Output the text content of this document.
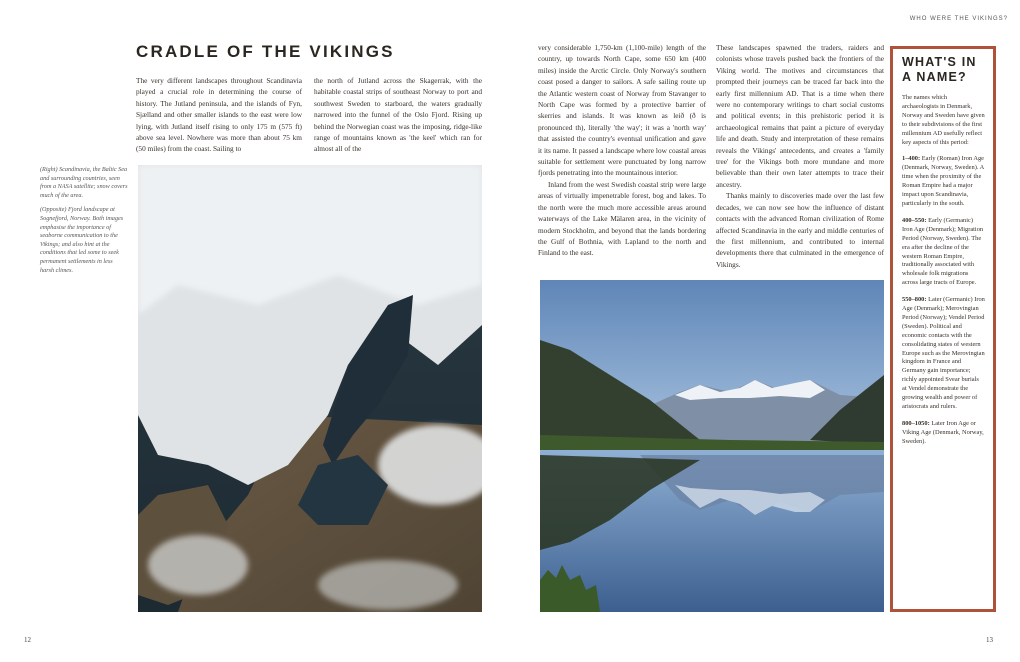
WHO WERE THE VIKINGS?
CRADLE OF THE VIKINGS

The very different landscapes throughout Scandinavia played a crucial role in determining the course of history. The Jutland peninsula, and the islands of Fyn, Sjælland and other smaller islands to the east were low lying, with Jutland itself rising to only 175 m (575 ft) above sea level. Nowhere was more than about 75 km (50 miles) from the coast. Sailing to

the north of Jutland across the Skagerrak, with the habitable coastal strips of southeast Norway to port and southwest Sweden to starboard, the waters gradually narrowed into the funnel of the Oslo Fjord. Rising up behind the Norwegian coast was the imposing, ridge-like range of mountains known as 'the keel' which ran for almost all of the

(Right) Scandinavia, the Baltic Sea and surrounding countries, seen from a NASA satellite; snow covers much of the area.

(Opposite) Fjord landscape at Sognefjord, Norway. Both images emphasise the importance of seaborne communication to the Vikings; and also hint at the conditions that led some to seek permanent settlements in less harsh climes.

very considerable 1,750-km (1,100-mile) length of the country, up towards North Cape, some 650 km (400 miles) inside the Arctic Circle. Only Norway's southern coast posed a danger to sailors. A safe sailing route up the Atlantic western coast of Norway from Stavanger to North Cape was formed by a protective barrier of skerries and islands. It was known as leið (ð is pronounced th), literally 'the way'; it was a 'north way' that assisted the country's eventual unification and gave it its name. It passed a landscape where low coastal areas suitable for settlement were punctuated by long narrow fjords penetrating into the mountainous interior.

Inland from the west Swedish coastal strip were large areas of virtually impenetrable forest, bog and lakes. To the north were the much more accessible areas around waterways of the Lake Mälaren area, in the vicinity of modern Stockholm, and beyond that the lands bordering the Gulf of Bothnia, with Lapland to the north and Finland to the east.

These landscapes spawned the traders, raiders and colonists whose travels pushed back the frontiers of the Viking world. The motives and circumstances that prompted their journeys can be traced far back into the early first millennium AD. That is a time when there were no contemporary writings to chart social customs and political events; in this prehistoric period it is archaeological remains that paint a picture of everyday life and death. Study and interpretation of these remains reveals the Vikings' antecedents, and creates a 'family tree' for the Vikings both more mundane and more believable than their own later attempts to trace their ancestry.

Thanks mainly to discoveries made over the last few decades, we can now see how the influence of distant contacts with the advanced Roman civilization of Rome affected Scandinavia in the early and middle centuries of the first millennium, and contributed to internal developments there that culminated in the emergence of Vikings.

WHAT'S IN A NAME?

The names which archaeologists in Denmark, Norway and Sweden have given to their subdivisions of the first millennium AD usefully reflect key aspects of this period:

1–400: Early (Roman) Iron Age (Denmark, Norway, Sweden). A time when the proximity of the Roman Empire had a major impact upon Scandinavia, particularly in the south.

400–550: Early (Germanic) Iron Age (Denmark); Migration Period (Norway, Sweden). The era after the decline of the western Roman Empire, traditionally associated with wholesale folk migrations across large tracts of Europe.

550–800: Later (Germanic) Iron Age (Denmark); Merovingian Period (Norway); Vendel Period (Sweden). Political and economic contacts with the consolidating states of western Europe such as the Merovingian kingdom in France and Germany gain importance; richly appointed Svear burials at Vendel demonstrate the growing wealth and power of aristocrats and rulers.

800–1050: Later Iron Age or Viking Age (Denmark, Norway, Sweden).

12	13
